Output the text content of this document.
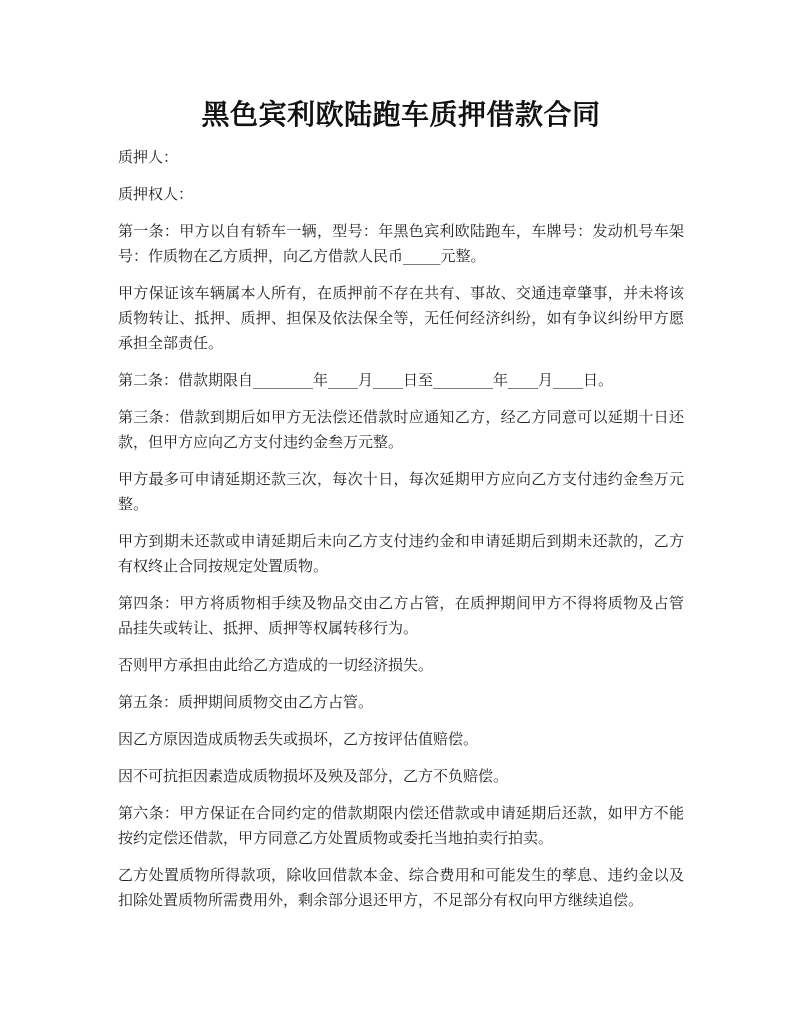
黑色宾利欧陆跑车质押借款合同

质押人：

质押权人：

第一条：甲方以自有轿车一辆，型号：年黑色宾利欧陆跑车，车牌号：发动机号车架号：作质物在乙方质押，向乙方借款人民币_____元整。

甲方保证该车辆属本人所有，在质押前不存在共有、事故、交通违章肇事，并未将该质物转让、抵押、质押、担保及依法保全等，无任何经济纠纷，如有争议纠纷甲方愿承担全部责任。

第二条：借款期限自________年____月____日至________年____月____日。

第三条：借款到期后如甲方无法偿还借款时应通知乙方，经乙方同意可以延期十日还款，但甲方应向乙方支付违约金叁万元整。

甲方最多可申请延期还款三次，每次十日，每次延期甲方应向乙方支付违约金叁万元整。

甲方到期未还款或申请延期后未向乙方支付违约金和申请延期后到期未还款的，乙方有权终止合同按规定处置质物。

第四条：甲方将质物相手续及物品交由乙方占管，在质押期间甲方不得将质物及占管品挂失或转让、抵押、质押等权属转移行为。

否则甲方承担由此给乙方造成的一切经济损失。

第五条：质押期间质物交由乙方占管。

因乙方原因造成质物丢失或损坏，乙方按评估值赔偿。

因不可抗拒因素造成质物损坏及殃及部分，乙方不负赔偿。

第六条：甲方保证在合同约定的借款期限内偿还借款或申请延期后还款，如甲方不能按约定偿还借款，甲方同意乙方处置质物或委托当地拍卖行拍卖。

乙方处置质物所得款项，除收回借款本金、综合费用和可能发生的孳息、违约金以及扣除处置质物所需费用外，剩余部分退还甲方，不足部分有权向甲方继续追偿。
